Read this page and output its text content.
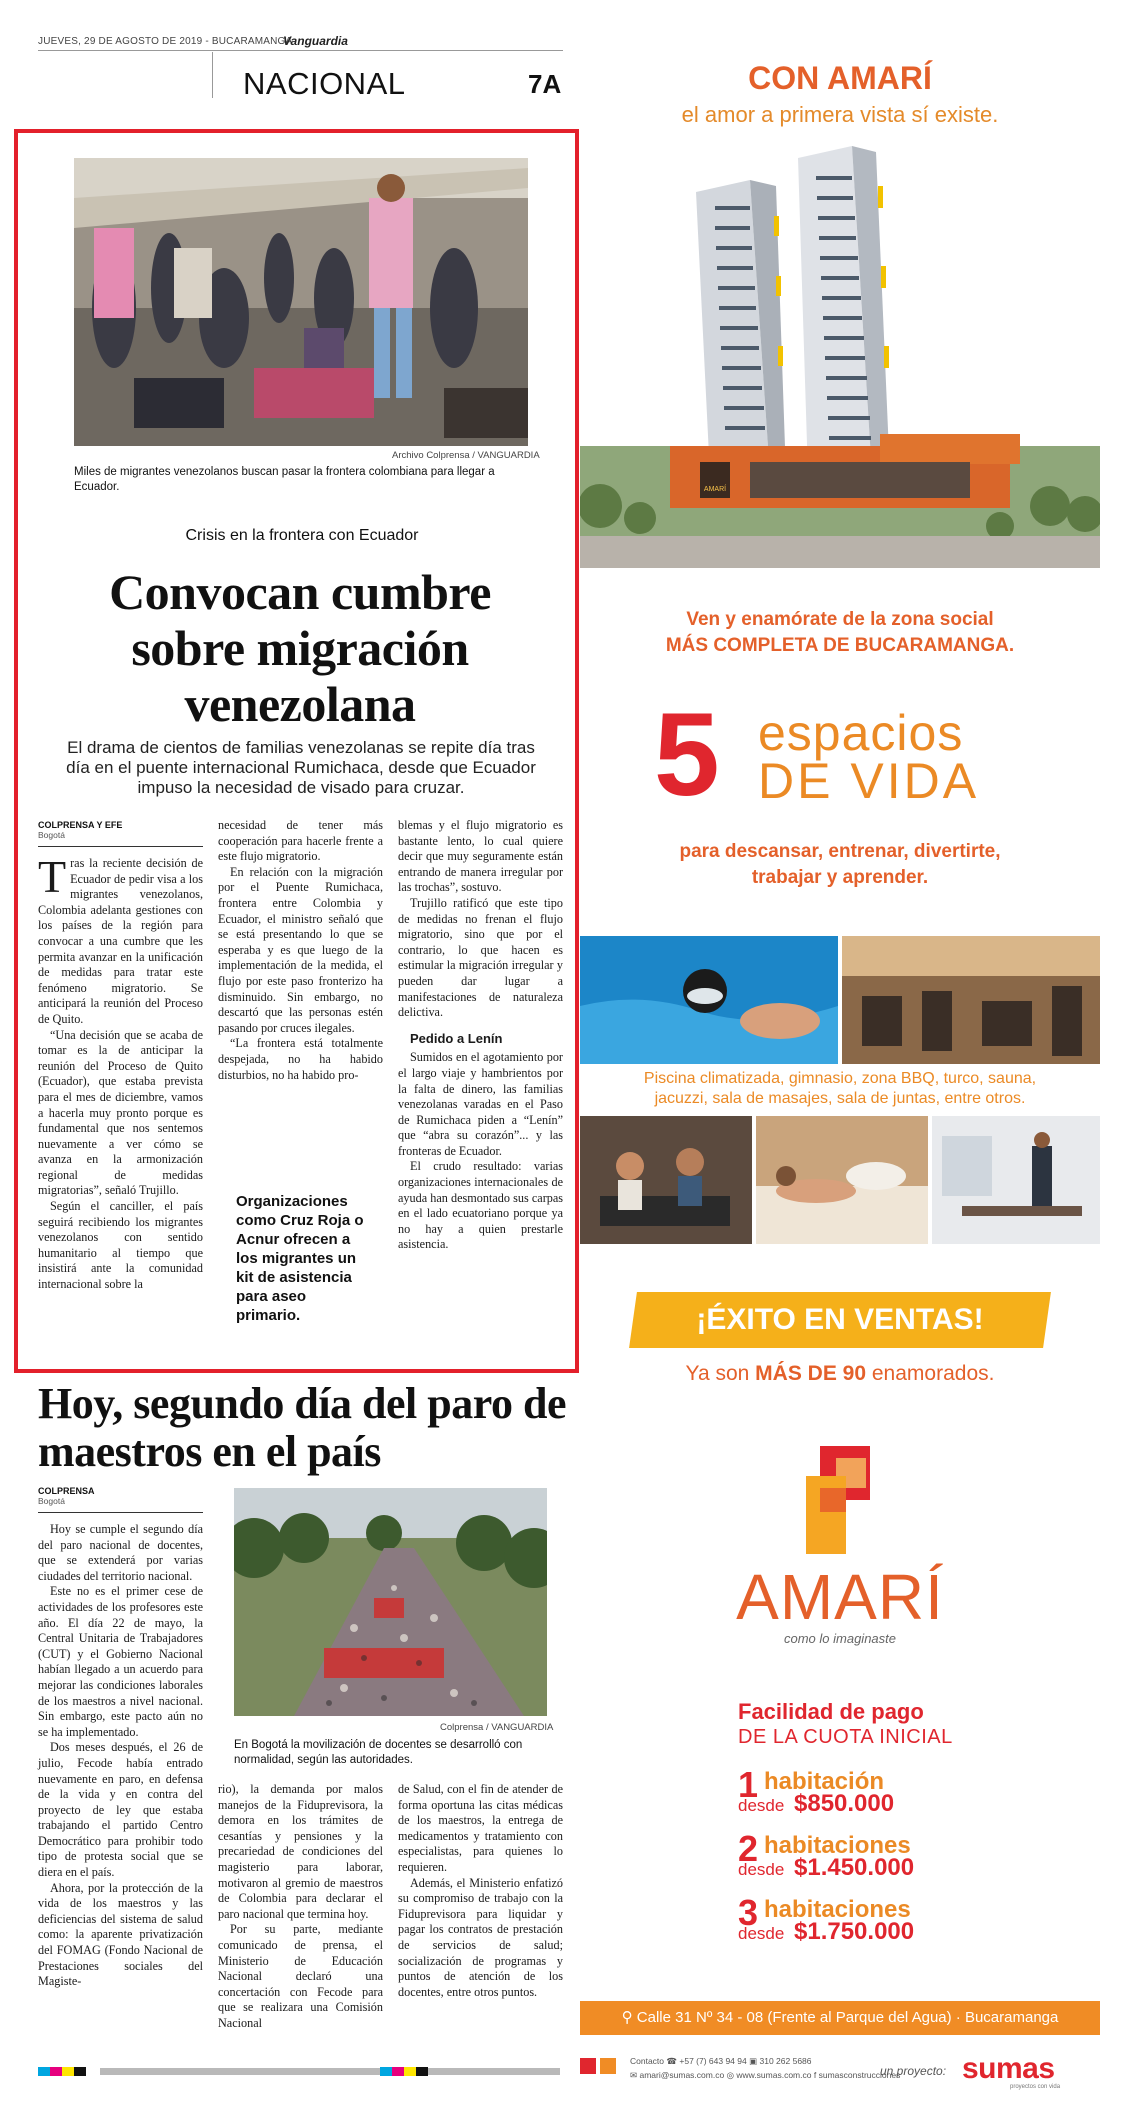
JUEVES, 29 DE AGOSTO DE 2019 - BUCARAMANGA
Vanguardia
NACIONAL	7A
Archivo Colprensa / VANGUARDIA
Miles de migrantes venezolanos buscan pasar la frontera colombiana para llegar a Ecuador.
Crisis en la frontera con Ecuador
Convocan cumbre sobre migración venezolana
El drama de cientos de familias venezolanas se repite día tras día en el puente internacional Rumichaca, desde que Ecuador impuso la necesidad de visado para cruzar.
COLPRENSA Y EFE
Bogotá

Tras la reciente decisión de Ecuador de pedir visa a los migrantes venezolanos, Colombia adelanta gestiones con los países de la región para convocar a una cumbre que les permita avanzar en la unificación de medidas para tratar este fenómeno migratorio. Se anticipará la reunión del Proceso de Quito.

“Una decisión que se acaba de tomar es la de anticipar la reunión del Proceso de Quito (Ecuador), que estaba prevista para el mes de diciembre, vamos a hacerla muy pronto porque es fundamental que nos sentemos nuevamente a ver cómo se avanza en la armonización regional de medidas migratorias”, señaló Trujillo.

Según el canciller, el país seguirá recibiendo los migrantes venezolanos con sentido humanitario al tiempo que insistirá ante la comunidad internacional sobre la

necesidad de tener más cooperación para hacerle frente a este flujo migratorio.

En relación con la migración por el Puente Rumichaca, frontera entre Colombia y Ecuador, el ministro señaló que se está presentando lo que se esperaba y es que luego de la implementación de la medida, el flujo por este paso fronterizo ha disminuido. Sin embargo, no descartó que las personas estén pasando por cruces ilegales.

“La frontera está totalmente despejada, no ha habido disturbios, no ha habido pro-

Organizaciones como Cruz Roja o Acnur ofrecen a los migrantes un kit de asistencia para aseo primario.

blemas y el flujo migratorio es bastante lento, lo cual quiere decir que muy seguramente están entrando de manera irregular por las trochas”, sostuvo.

Trujillo ratificó que este tipo de medidas no frenan el flujo migratorio, sino que por el contrario, lo que hacen es estimular la migración irregular y pueden dar lugar a manifestaciones de naturaleza delictiva.

Pedido a Lenín

Sumidos en el agotamiento por el largo viaje y hambrientos por la falta de dinero, las familias venezolanas varadas en el Paso de Rumichaca piden a “Lenín” que “abra su corazón”... y las fronteras de Ecuador.

El crudo resultado: varias organizaciones internacionales de ayuda han desmontado sus carpas en el lado ecuatoriano porque ya no hay a quien prestarle asistencia.

Hoy, segundo día del paro de maestros en el país
COLPRENSA
Bogotá

Hoy se cumple el segundo día del paro nacional de docentes, que se extenderá por varias ciudades del territorio nacional.

Este no es el primer cese de actividades de los profesores este año. El día 22 de mayo, la Central Unitaria de Trabajadores (CUT) y el Gobierno Nacional habían llegado a un acuerdo para mejorar las condiciones laborales de los maestros a nivel nacional. Sin embargo, este pacto aún no se ha implementado.

Dos meses después, el 26 de julio, Fecode había entrado nuevamente en paro, en defensa de la vida y en contra del proyecto de ley que estaba trabajando el partido Centro Democrático para prohibir todo tipo de protesta social que se diera en el país.

Ahora, por la protección de la vida de los maestros y las deficiencias del sistema de salud como: la aparente privatización del FOMAG (Fondo Nacional de Prestaciones sociales del Magiste-

Colprensa / VANGUARDIA
En Bogotá la movilización de docentes se desarrolló con normalidad, según las autoridades.

rio), la demanda por malos manejos de la Fiduprevisora, la demora en los trámites de cesantías y pensiones y la precariedad de condiciones del magisterio para laborar, motivaron al gremio de maestros de Colombia para declarar el paro nacional que termina hoy.

Por su parte, mediante comunicado de prensa, el Ministerio de Educación Nacional declaró una concertación con Fecode para que se realizara una Comisión Nacional

de Salud, con el fin de atender de forma oportuna las citas médicas de los maestros, la entrega de medicamentos y tratamiento con especialistas, para quienes lo requieren.

Además, el Ministerio enfatizó su compromiso de trabajo con la Fiduprevisora para liquidar y pagar los contratos de prestación de servicios de salud; socialización de programas y puntos de atención de los docentes, entre otros puntos.

CON AMARÍ
el amor a primera vista sí existe.
AMARÍ
Ven y enamórate de la zona social
MÁS COMPLETA DE BUCARAMANGA.
5 espacios
DE VIDA
para descansar, entrenar, divertirte,
trabajar y aprender.
Piscina climatizada, gimnasio, zona BBQ, turco, sauna,
jacuzzi, sala de masajes, sala de juntas, entre otros.
¡ÉXITO EN VENTAS!
Ya son MÁS DE 90 enamorados.
AMARÍ
como lo imaginaste
Facilidad de pago
DE LA CUOTA INICIAL
1 habitación
desde $850.000
2 habitaciones
desde $1.450.000
3 habitaciones
desde $1.750.000
⚲ Calle 31 Nº 34 - 08 (Frente al Parque del Agua) · Bucaramanga
Contacto ☎ +57 (7) 643 94 94 ▣ 310 262 5686
✉ amari@sumas.com.co ◎ www.sumas.com.co f sumasconstrucciones
un proyecto: sumas
proyectos con vida
